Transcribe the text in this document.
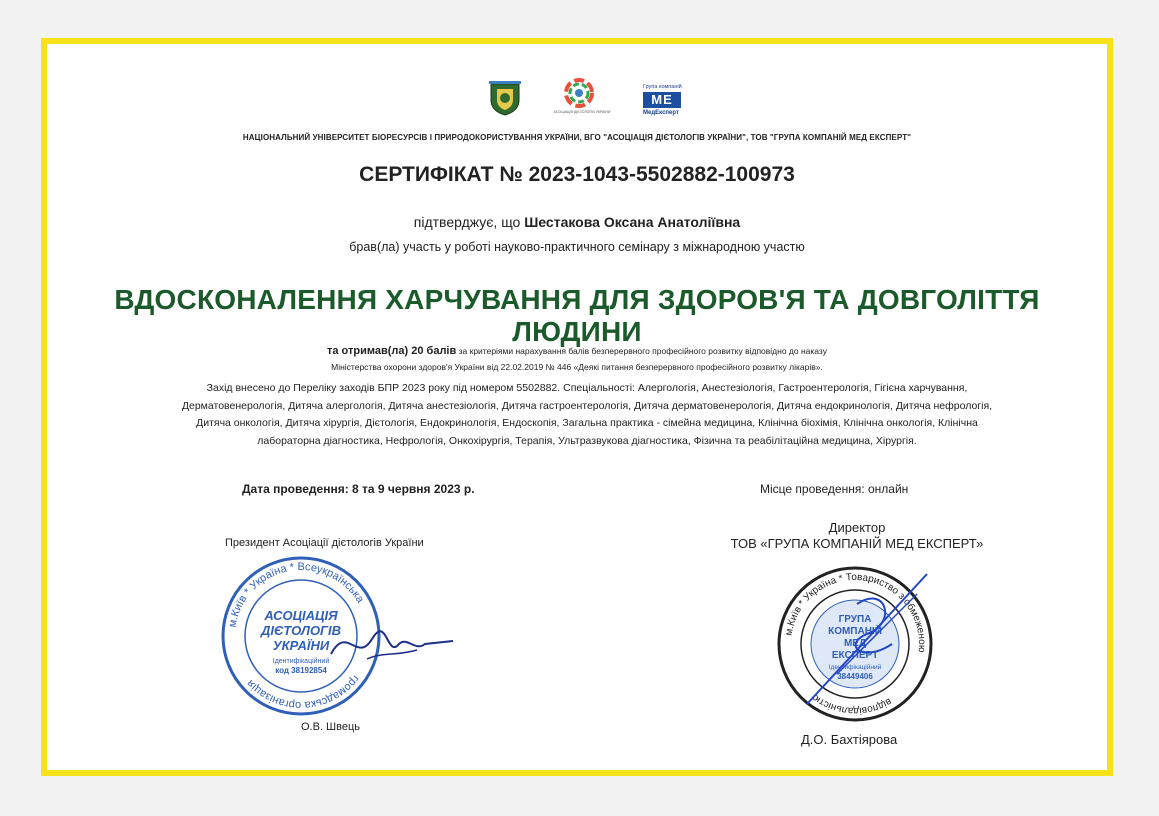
АСОЦІАЦІЯ ДІЄТОЛОГІВ УКРАЇНИ
Група компаній
МЕ
МедЕксперт
НАЦІОНАЛЬНИЙ УНІВЕРСИТЕТ БІОРЕСУРСІВ І ПРИРОДОКОРИСТУВАННЯ УКРАЇНИ, ВГО "АСОЦІАЦІЯ ДІЄТОЛОГІВ УКРАЇНИ", ТОВ "ГРУПА КОМПАНІЙ МЕД ЕКСПЕРТ"
СЕРТИФІКАТ № 2023-1043-5502882-100973
підтверджує, що Шестакова Оксана Анатоліївна
брав(ла) участь у роботі науково-практичного семінару з міжнародною участю
ВДОСКОНАЛЕННЯ ХАРЧУВАННЯ ДЛЯ ЗДОРОВ'Я ТА ДОВГОЛІТТЯ ЛЮДИНИ
та отримав(ла) 20 балів за критеріями нарахування балів безперервного професійного розвитку відповідно до наказу
Міністерства охорони здоров'я України від 22.02.2019 № 446 «Деякі питання безперервного професійного розвитку лікарів».
Захід внесено до Переліку заходів БПР 2023 року під номером 5502882. Спеціальності: Алергологія, Анестезіологія, Гастроентерологія, Гігієна харчування,
Дерматовенерологія, Дитяча алергологія, Дитяча анестезіологія, Дитяча гастроентерологія, Дитяча дерматовенерологія, Дитяча ендокринологія, Дитяча нефрологія,
Дитяча онкологія, Дитяча хірургія, Дієтологія, Ендокринологія, Ендоскопія, Загальна практика - сімейна медицина, Клінічна біохімія, Клінічна онкологія, Клінічна
лабораторна діагностика, Нефрологія, Онкохірургія, Терапія, Ультразвукова діагностика, Фізична та реабілітаційна медицина, Хірургія.
Дата проведення: 8 та 9 червня 2023 р.	Місце проведення: онлайн
Президент Асоціації дієтологів України
Директор
ТОВ «ГРУПА КОМПАНІЙ МЕД ЕКСПЕРТ»
м.Київ * Україна * Всеукраїнська
громадська організація
АСОЦІАЦІЯ
ДІЄТОЛОГІВ
УКРАЇНИ
Ідентифікаційний
код 38192854
О.В. Швець
м.Київ * Україна * Товариство з обмеженою
відповідальністю
ГРУПА
КОМПАНІЙ
МЕД
ЕКСПЕРТ
Ідентифікаційний
38449406
Д.О. Бахтіярова
